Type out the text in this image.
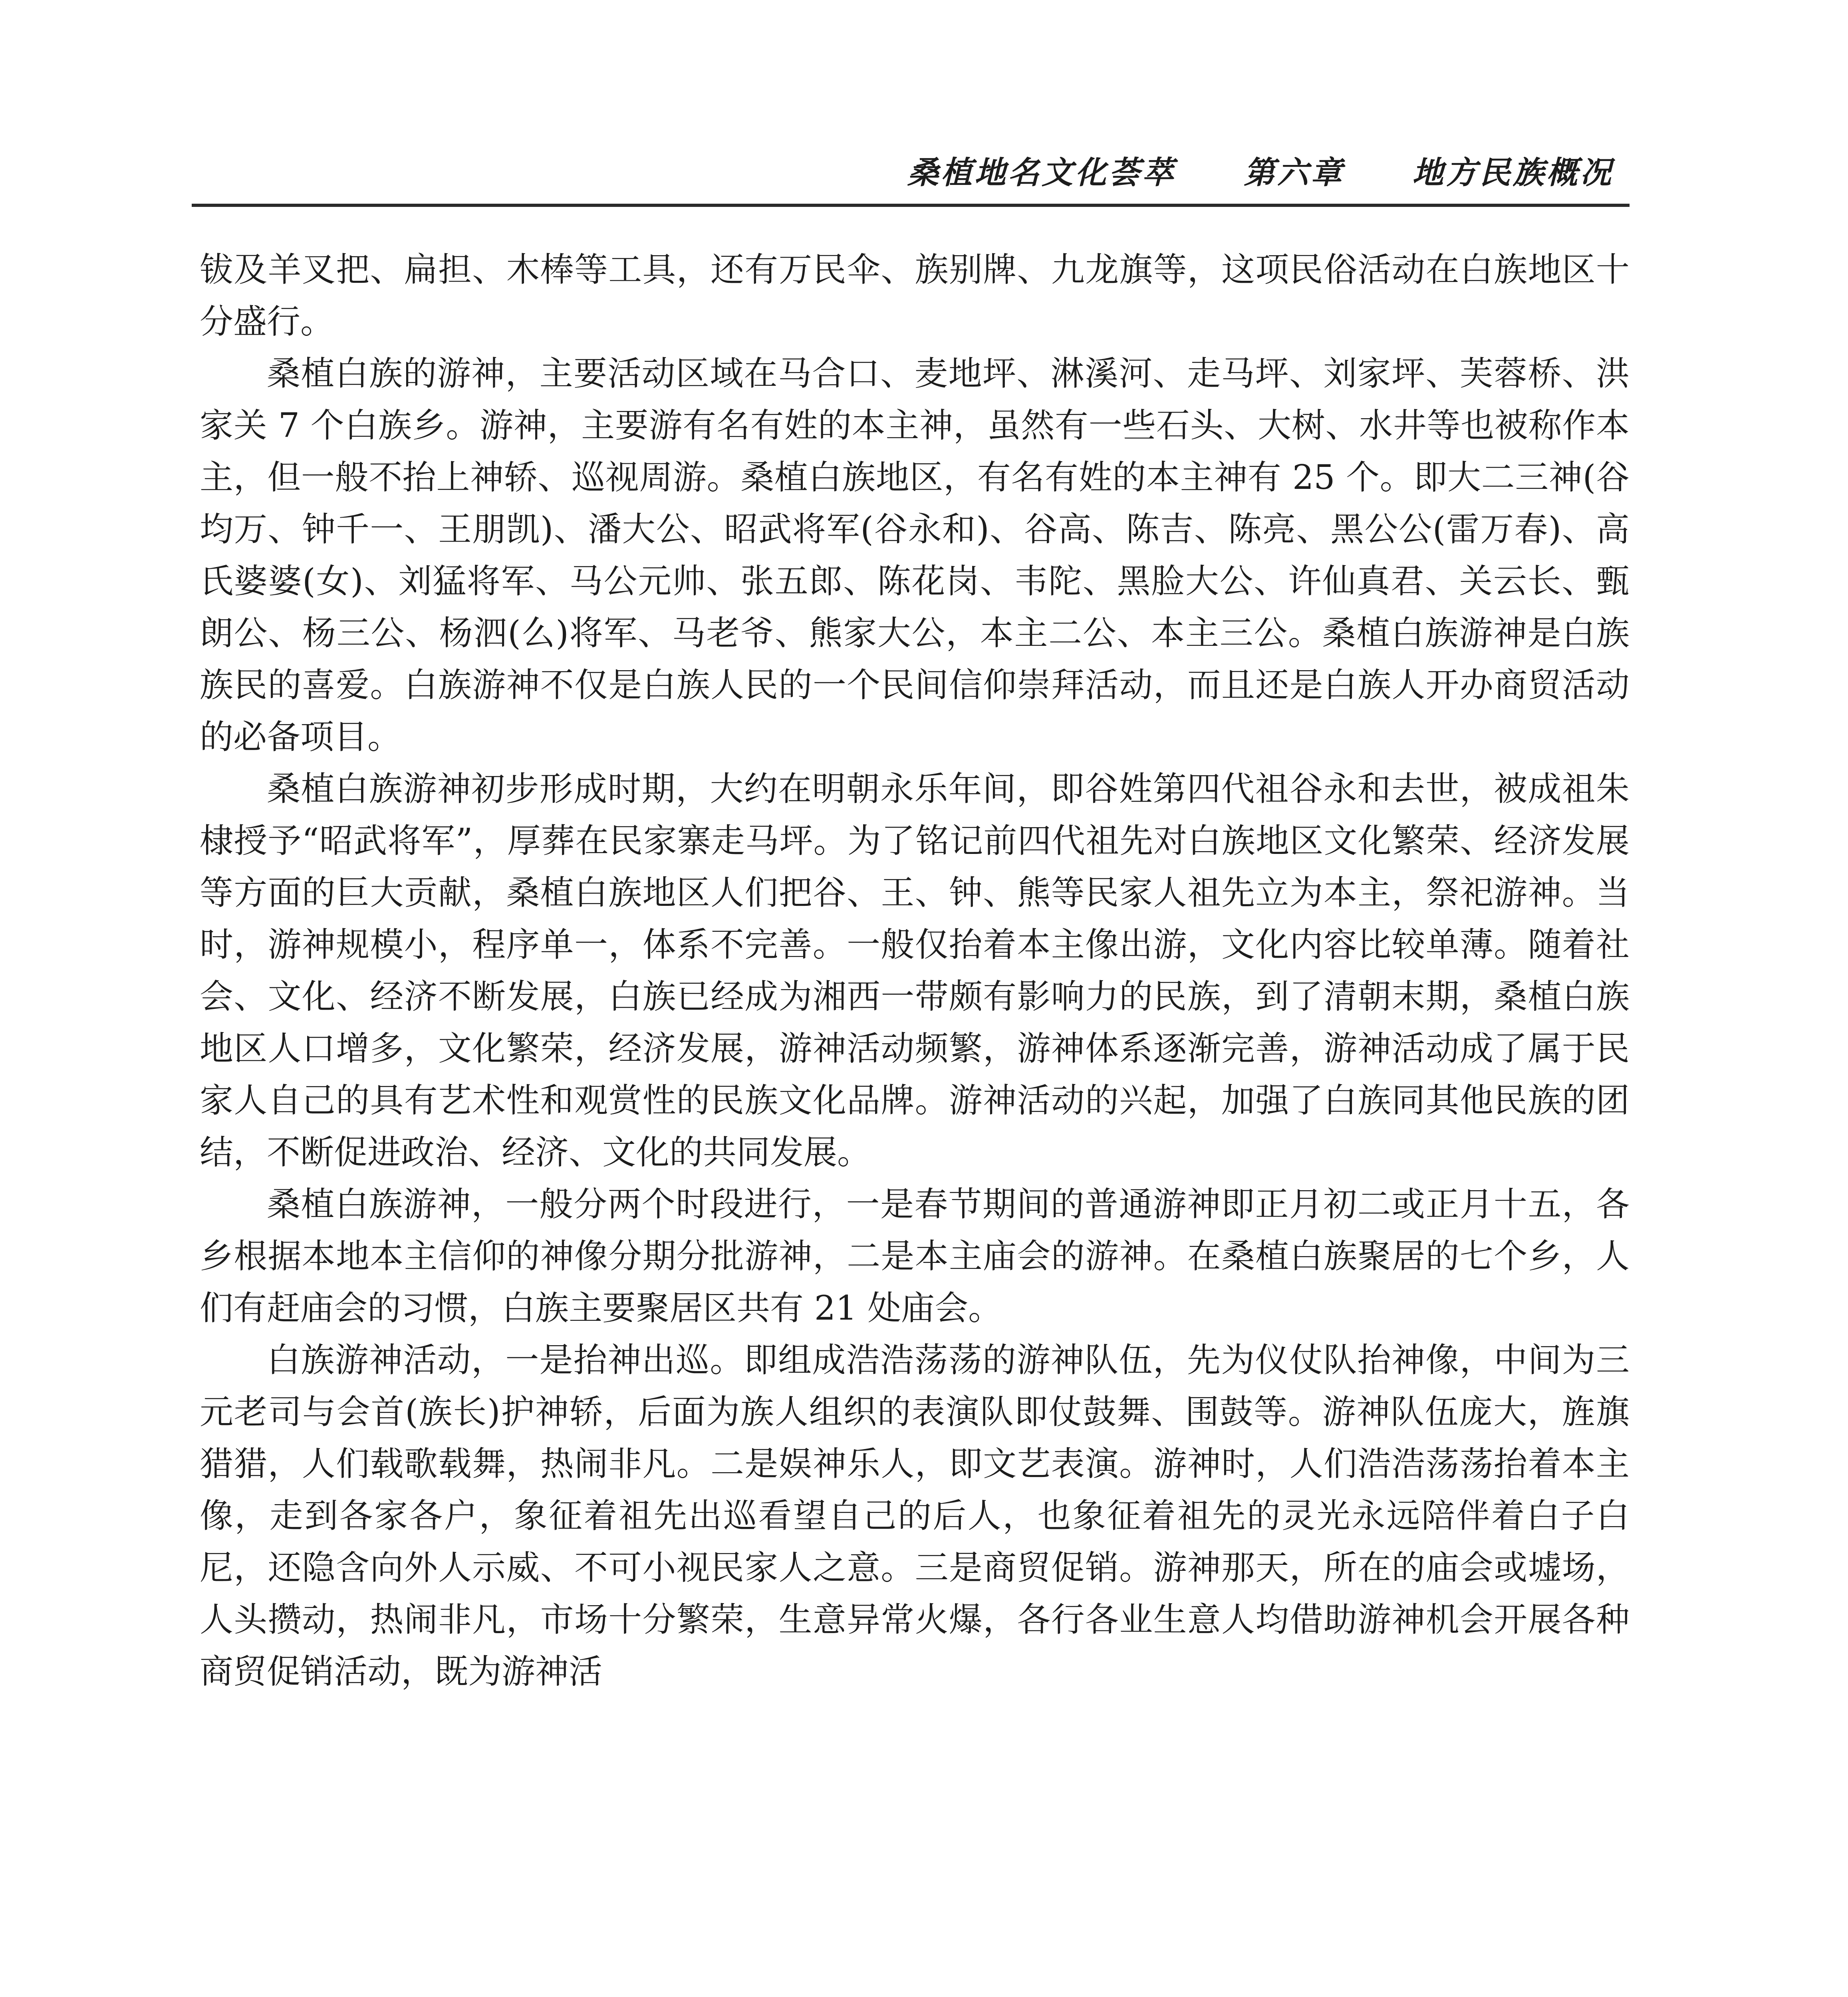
桑植地名文化荟萃 第六章 地方民族概况

钹及羊叉把、扁担、木棒等工具，还有万民伞、族别牌、九龙旗等，这项民俗活动在白族地区十分盛行。

桑植白族的游神，主要活动区域在马合口、麦地坪、淋溪河、走马坪、刘家坪、芙蓉桥、洪家关 7 个白族乡。游神，主要游有名有姓的本主神，虽然有一些石头、大树、水井等也被称作本主，但一般不抬上神轿、巡视周游。桑植白族地区，有名有姓的本主神有 25 个。即大二三神(谷均万、钟千一、王朋凯)、潘大公、昭武将军(谷永和)、谷高、陈吉、陈亮、黑公公(雷万春)、高氏婆婆(女)、刘猛将军、马公元帅、张五郎、陈花岗、韦陀、黑脸大公、许仙真君、关云长、甄朗公、杨三公、杨泗(么)将军、马老爷、熊家大公，本主二公、本主三公。桑植白族游神是白族族民的喜爱。白族游神不仅是白族人民的一个民间信仰崇拜活动，而且还是白族人开办商贸活动的必备项目。

桑植白族游神初步形成时期，大约在明朝永乐年间，即谷姓第四代祖谷永和去世，被成祖朱棣授予“昭武将军”，厚葬在民家寨走马坪。为了铭记前四代祖先对白族地区文化繁荣、经济发展等方面的巨大贡献，桑植白族地区人们把谷、王、钟、熊等民家人祖先立为本主，祭祀游神。当时，游神规模小，程序单一，体系不完善。一般仅抬着本主像出游，文化内容比较单薄。随着社会、文化、经济不断发展，白族已经成为湘西一带颇有影响力的民族，到了清朝末期，桑植白族地区人口增多，文化繁荣，经济发展，游神活动频繁，游神体系逐渐完善，游神活动成了属于民家人自己的具有艺术性和观赏性的民族文化品牌。游神活动的兴起，加强了白族同其他民族的团结，不断促进政治、经济、文化的共同发展。

桑植白族游神，一般分两个时段进行，一是春节期间的普通游神即正月初二或正月十五，各乡根据本地本主信仰的神像分期分批游神，二是本主庙会的游神。在桑植白族聚居的七个乡，人们有赶庙会的习惯，白族主要聚居区共有 21 处庙会。

白族游神活动，一是抬神出巡。即组成浩浩荡荡的游神队伍，先为仪仗队抬神像，中间为三元老司与会首(族长)护神轿，后面为族人组织的表演队即仗鼓舞、围鼓等。游神队伍庞大，旌旗猎猎，人们载歌载舞，热闹非凡。二是娱神乐人，即文艺表演。游神时，人们浩浩荡荡抬着本主像，走到各家各户，象征着祖先出巡看望自己的后人，也象征着祖先的灵光永远陪伴着白子白尼，还隐含向外人示威、不可小视民家人之意。三是商贸促销。游神那天，所在的庙会或墟场，人头攒动，热闹非凡，市场十分繁荣，生意异常火爆，各行各业生意人均借助游神机会开展各种商贸促销活动，既为游神活
